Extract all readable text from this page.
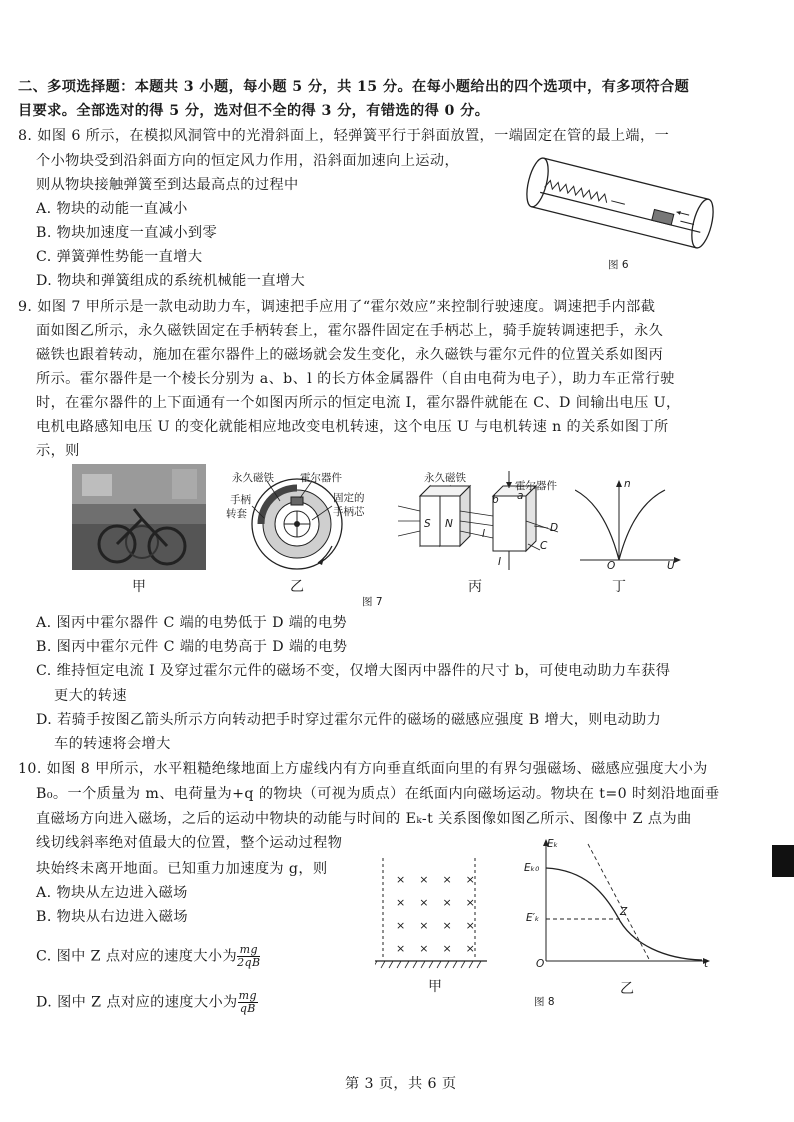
二、多项选择题：本题共 3 小题，每小题 5 分，共 15 分。在每小题给出的四个选项中，有多项符合题
目要求。全部选对的得 5 分，选对但不全的得 3 分，有错选的得 0 分。
8. 如图 6 所示，在模拟风洞管中的光滑斜面上，轻弹簧平行于斜面放置，一端固定在管的最上端，一
个小物块受到沿斜面方向的恒定风力作用，沿斜面加速向上运动，
则从物块接触弹簧至到达最高点的过程中
A. 物块的动能一直减小
B. 物块加速度一直减小到零
C. 弹簧弹性势能一直增大
D. 物块和弹簧组成的系统机械能一直增大
图 6
9. 如图 7 甲所示是一款电动助力车，调速把手应用了“霍尔效应”来控制行驶速度。调速把手内部截
面如图乙所示，永久磁铁固定在手柄转套上，霍尔器件固定在手柄芯上，骑手旋转调速把手，永久
磁铁也跟着转动，施加在霍尔器件上的磁场就会发生变化，永久磁铁与霍尔元件的位置关系如图丙
所示。霍尔器件是一个棱长分别为 a、b、l 的长方体金属器件（自由电荷为电子），助力车正常行驶
时，在霍尔器件的上下面通有一个如图丙所示的恒定电流 I，霍尔器件就能在 C、D 间输出电压 U，
电机电路感知电压 U 的变化就能相应地改变电机转速，这个电压 U 与电机转速 n 的关系如图丁所
示，则
甲
永久磁铁 霍尔器件
手柄
转套
固定的
手柄芯
乙
永久磁铁
霍尔器件
S N
a
b
l
C
D
I
丙
n
O	U
丁
图 7
A. 图丙中霍尔器件 C 端的电势低于 D 端的电势
B. 图丙中霍尔元件 C 端的电势高于 D 端的电势
C. 维持恒定电流 I 及穿过霍尔元件的磁场不变，仅增大图丙中器件的尺寸 b，可使电动助力车获得
更大的转速
D. 若骑手按图乙箭头所示方向转动把手时穿过霍尔元件的磁场的磁感应强度 B 增大，则电动助力
车的转速将会增大
10. 如图 8 甲所示，水平粗糙绝缘地面上方虚线内有方向垂直纸面向里的有界匀强磁场、磁感应强度大小为
B₀。一个质量为 m、电荷量为+q 的物块（可视为质点）在纸面内向磁场运动。物块在 t=0 时刻沿地面垂
直磁场方向进入磁场，之后的运动中物块的动能与时间的 Eₖ-t 关系图像如图乙所示、图像中 Z 点为曲
线切线斜率绝对值最大的位置，整个运动过程物
块始终未离开地面。已知重力加速度为 g，则
A. 物块从左边进入磁场
B. 物块从右边进入磁场
C. 图中 Z 点对应的速度大小为 $\frac{mg}{2qB}$
D. 图中 Z 点对应的速度大小为 $\frac{mg}{qB}$
× × × ×
× × × ×
× × × ×
× × × ×
甲
Eₖ
Eₖ₀
E′ₖ	Z
O	t
乙
图 8
第 3 页，共 6 页
